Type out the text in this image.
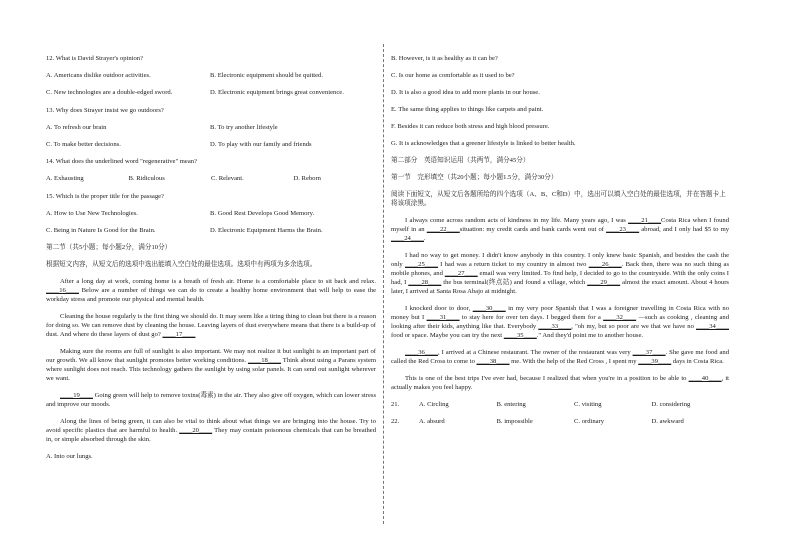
12. What is David Strayer's opinion?
A. Americans dislike outdoor activities.	B. Electronic equipment should be quitted.
C. New technologies are a double-edged sword.	D. Electronic equipment brings great convenience.
13. Why does Strayer insist we go outdoors?
A. To refresh our brain	B. To try another lifestyle
C. To make better decisions.	D. To play with our family and friends
14. What does the underlined word "regenerative" mean?
A. Exhausting	B. Ridiculous	C. Relevant.	D. Reborn
15. Which is the proper title for the passage?
A. How to Use New Technologies.	B. Good Rest Develops Good Memory.
C. Being in Nature Is Good for the Brain.	D. Electronic Equipment Harms the Brain.
第二节（共5小题；每小题2分，满分10分）
根据短文内容，从短文后的选项中选出能填入空白处的最佳选项。选项中有两项为多余选项。
After a long day at work, coming home is a breath of fresh air. Home is a comfortable place to sit back and relax. ____16____ Below are a number of things we can do to create a healthy home environment that will help to ease the workday stress and promote our physical and mental health.
Cleaning the house regularly is the first thing we should do. It may seem like a tiring thing to clean but there is a reason for doing so. We can remove dust by cleaning the house. Leaving layers of dust everywhere means that there is a build-up of dust. And where do these layers of dust go? ____17____
Making sure the rooms are full of sunlight is also important. We may not realize it but sunlight is an important part of our growth. We all know that sunlight promotes better working conditions. ____18____ Think about using a Parans system where sunlight does not reach. This technology gathers the sunlight by using solar panels. It can send out sunlight wherever we want.
____19____ Going green will help to remove toxins(毒素) in the air. They also give off oxygen, which can lower stress and improve our moods.
Along the lines of being green, it can also be vital to think about what things we are bringing into the house. Try to avoid specific plastics that are harmful to health. ____20____ They may contain poisonous chemicals that can be breathed in, or simple absorbed through the skin.
A. Into our lungs.
B. However, is it as healthy as it can be?
C. Is our home as comfortable as it used to be?
D. It is also a good idea to add more plants in our house.
E. The same thing applies to things like carpets and paint.
F. Besides it can reduce both stress and high blood pressure.
G. It is acknowledges that a greener lifestyle is linked to better health.
第二部分　英语知识运用（共两节，满分45分）
第一节　完形填空（共20小题；每小题1.5分，满分30分）
阅读下面短文，从短文后各题所给的四个选项（A、B、C和D）中，选出可以填入空白处的最佳选项，并在答题卡上将该项涂黑。
I always come across random acts of kindness in my life. Many years ago, I was ____21____Costa Rica when I found myself in an ____22____situation: my credit cards and bank cards went out of ____23____ abroad, and I only had $5 to my ____24____.
I had no way to get money. I didn't know anybody in this country. I only knew basic Spanish, and besides the cash the only ____25____ I had was a return ticket to my country in almost two ____26____. Back then, there was no such thing as mobile phones, and ____27____ email was very limited. To find help, I decided to go to the countryside. With the only coins I had, I ____28____ the bus terminal(终点站) and found a village, which ____29____ almost the exact amount. About 4 hours later, I arrived at Santa Rosa Abajo at midnight.
I knocked door to door, ____30____ in my very poor Spanish that I was a foreigner travelling in Costa Rica with no money but I ____31____ to stay here for over ten days. I begged them for a ____32____ —such as cooking , cleaning and looking after their kids, anything like that. Everybody ____33____, "oh my, but so poor are we that we have no ____34____ food or space. Maybe you can try the next ____35____." And they'd point me to another house.
____36____, I arrived at a Chinese restaurant. The owner of the restaurant was very ____37____. She gave me food and called the Red Cross to come to ____38____ me. With the help of the Red Cross , I spent my ____39____ days in Costa Rica.
This is one of the best trips I've ever had, because I realized that when you're in a position to be able to ____40____, it actually makes you feel happy.
21.	A. Circling	B. entering	C. visiting	D. considering
22.	A. absurd	B. impossible	C. ordinary	D. awkward
